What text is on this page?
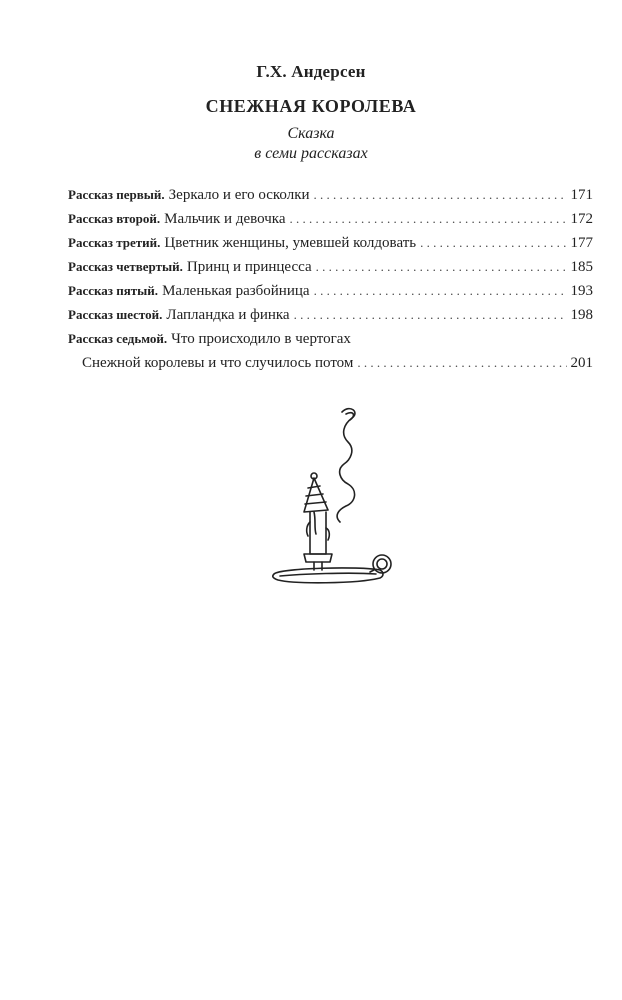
Г.Х. Андерсен
СНЕЖНАЯ КОРОЛЕВА
Сказка
в семи рассказах
Рассказ первый. Зеркало и его осколки . . .	171
Рассказ второй. Мальчик и девочка . . .	172
Рассказ третий. Цветник женщины, умевшей колдовать . . .	177
Рассказ четвертый. Принц и принцесса . . .	185
Рассказ пятый. Маленькая разбойница . . .	193
Рассказ шестой. Лапландка и финка . . .	198
Рассказ седьмой. Что происходило в чертогах
Снежной королевы и что случилось потом . . .	201
